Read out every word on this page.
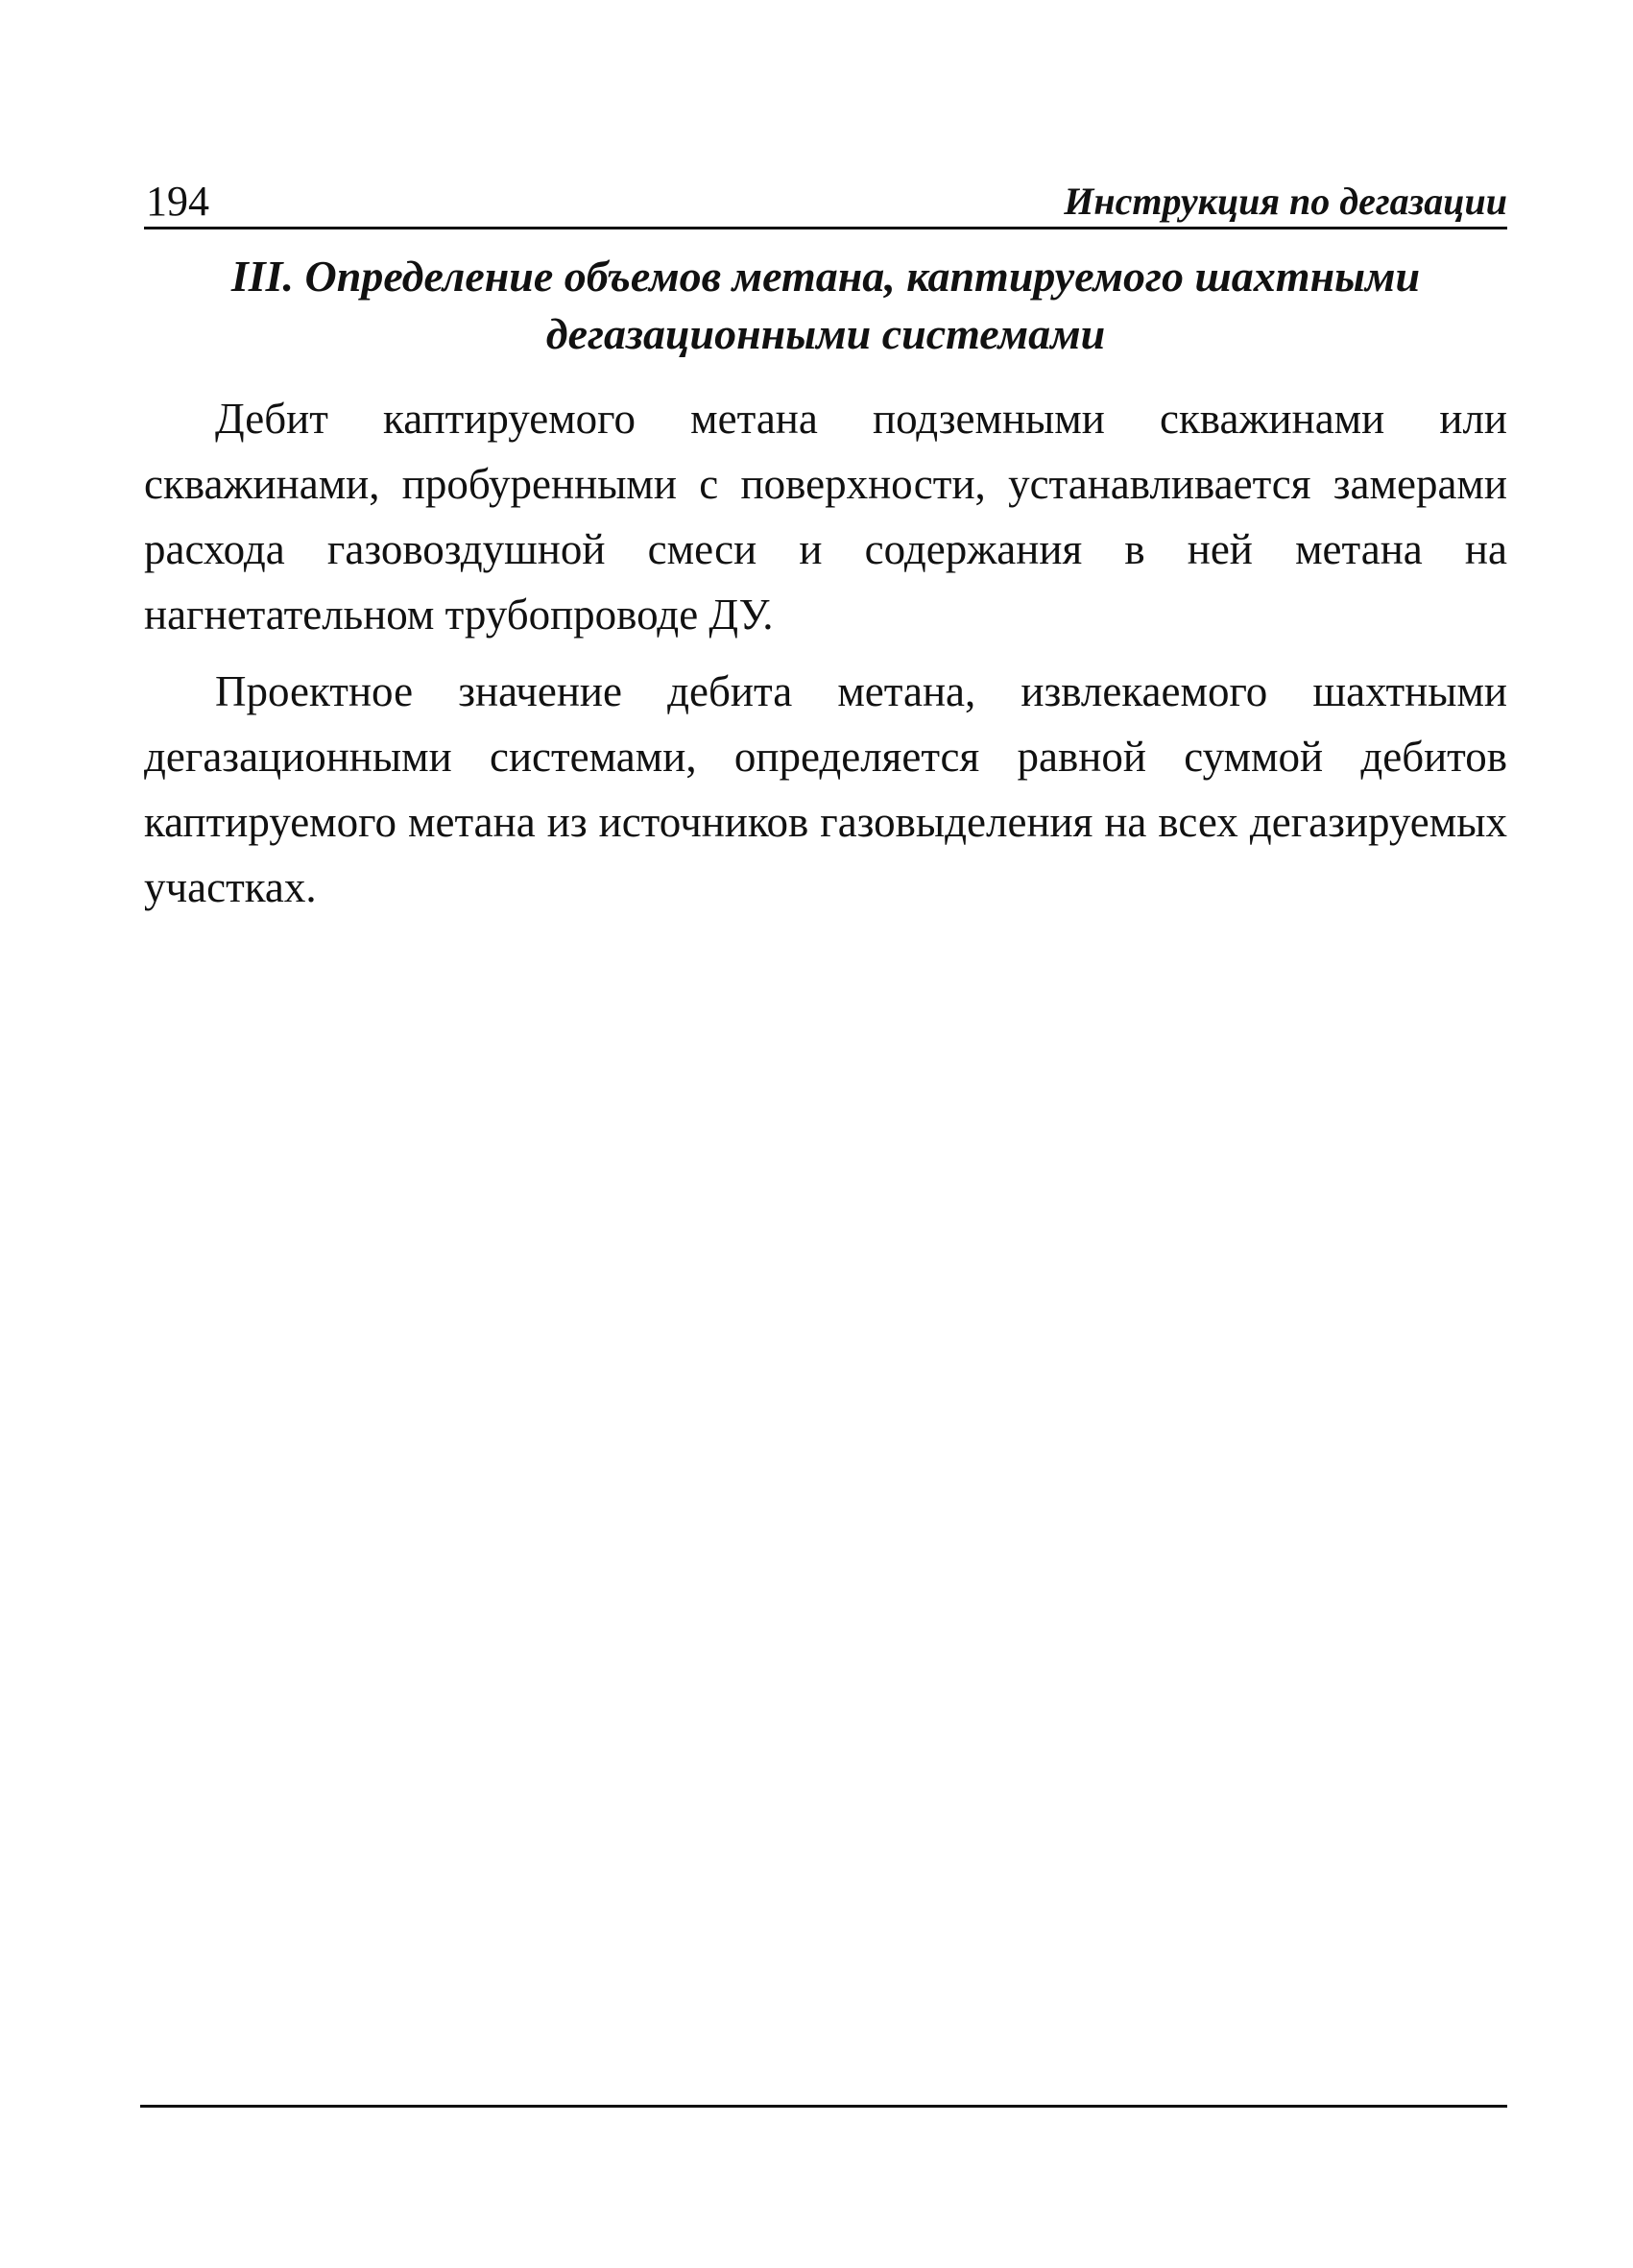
194	Инструкция по дегазации
III. Определение объемов метана, каптируемого шахтными
дегазационными системами

Дебит каптируемого метана подземными скважинами или скважинами, пробуренными с поверхности, устанавливается замерами расхода газовоздушной смеси и содержания в ней метана на нагнетательном трубопроводе ДУ.

Проектное значение дебита метана, извлекаемого шахтными дегазационными системами, определяется равной суммой дебитов каптируемого метана из источников газовыделения на всех дегазируемых участках.
